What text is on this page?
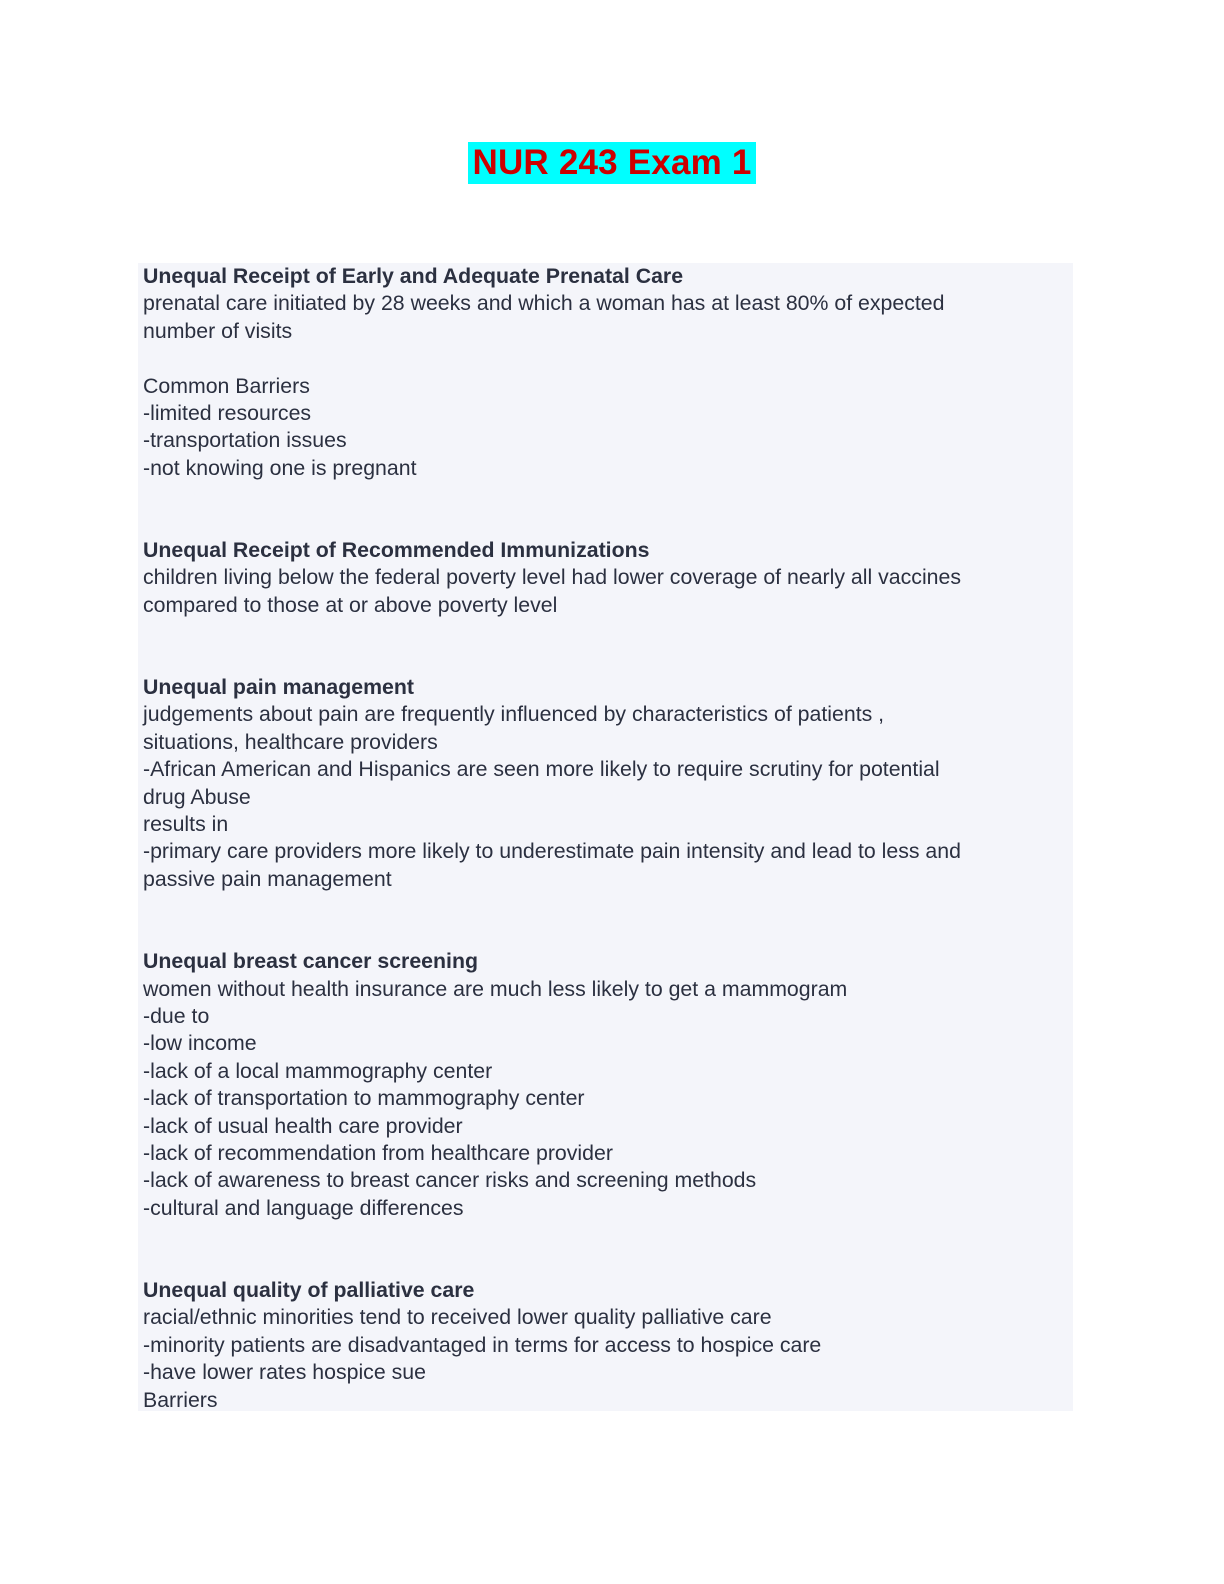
NUR 243 Exam 1

Unequal Receipt of Early and Adequate Prenatal Care

prenatal care initiated by 28 weeks and which a woman has at least 80% of expected

number of visits

Common Barriers

-limited resources

-transportation issues

-not knowing one is pregnant

Unequal Receipt of Recommended Immunizations

children living below the federal poverty level had lower coverage of nearly all vaccines

compared to those at or above poverty level

Unequal pain management

judgements about pain are frequently influenced by characteristics of patients ,

situations, healthcare providers

-African American and Hispanics are seen more likely to require scrutiny for potential

drug Abuse

results in

-primary care providers more likely to underestimate pain intensity and lead to less and

passive pain management

Unequal breast cancer screening

women without health insurance are much less likely to get a mammogram

-due to

-low income

-lack of a local mammography center

-lack of transportation to mammography center

-lack of usual health care provider

-lack of recommendation from healthcare provider

-lack of awareness to breast cancer risks and screening methods

-cultural and language differences

Unequal quality of palliative care

racial/ethnic minorities tend to received lower quality palliative care

-minority patients are disadvantaged in terms for access to hospice care

-have lower rates hospice sue

Barriers
